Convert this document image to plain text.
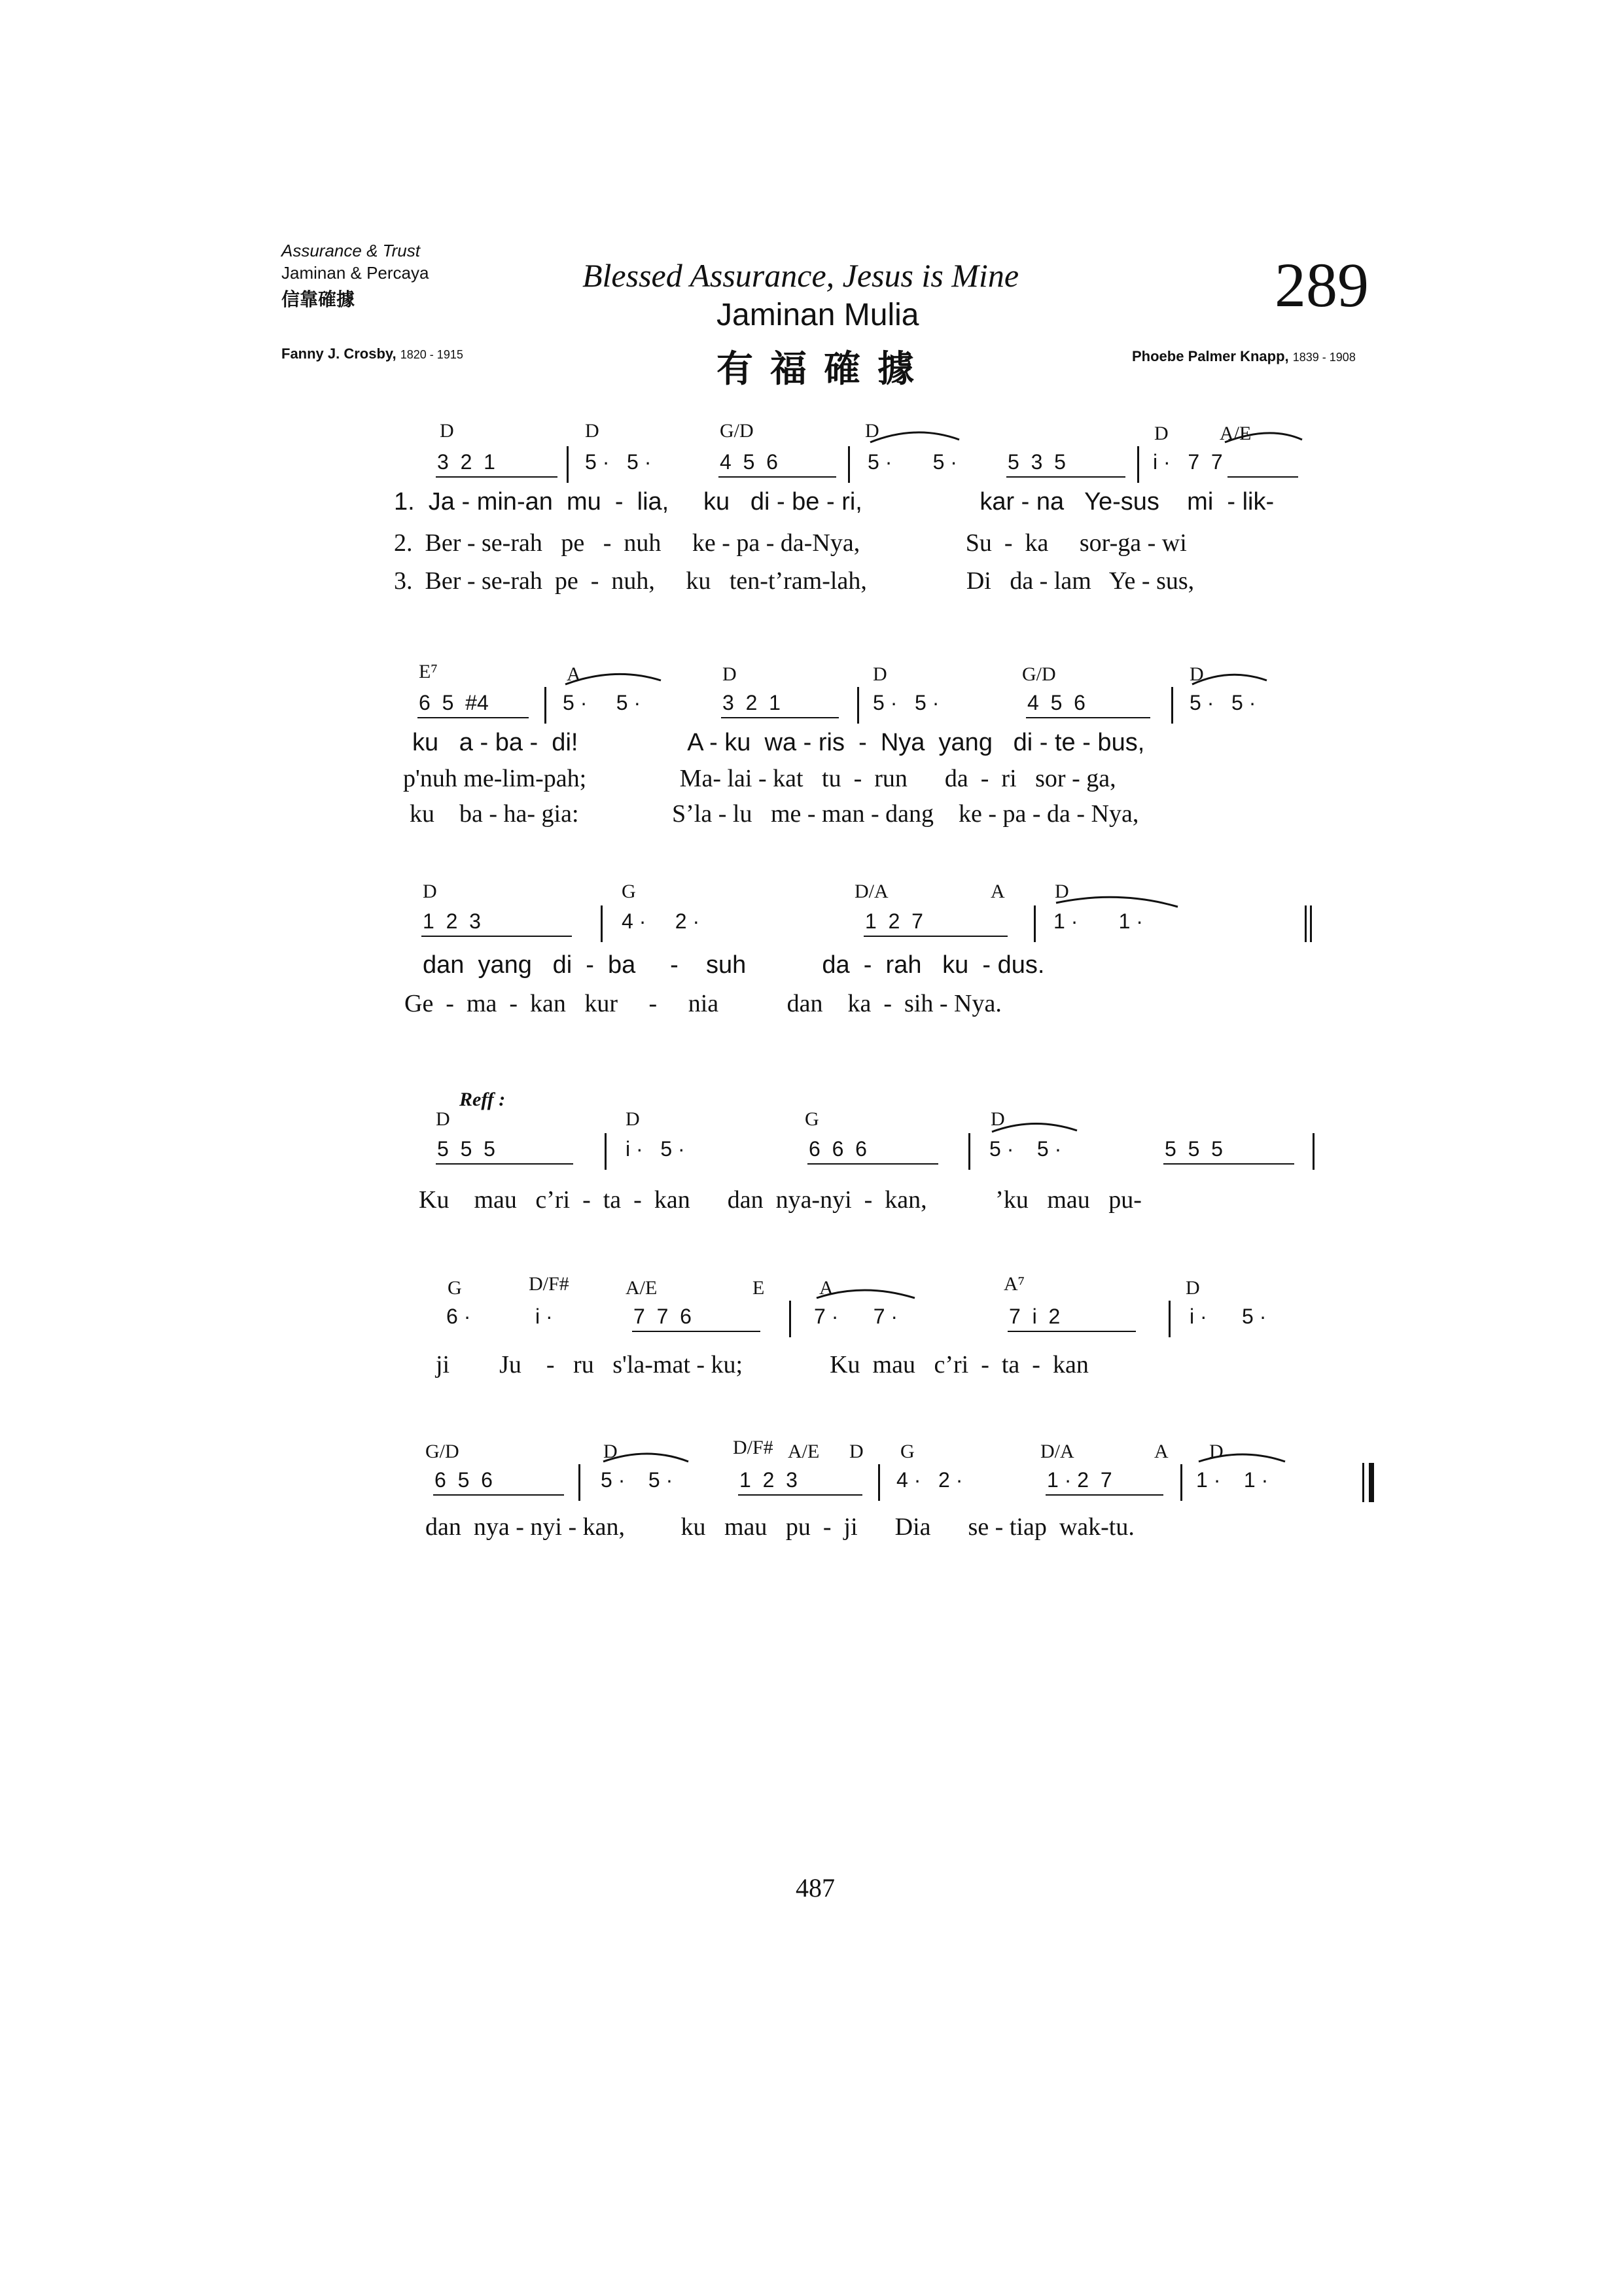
Assurance & Trust
Jaminan & Percaya
信靠確據
Blessed Assurance, Jesus is Mine
Jaminan Mulia
有福確據
289
Fanny J. Crosby, 1820 - 1915	Phoebe Palmer Knapp, 1839 - 1908
D	D	G/D	D	D	A/E
3  2  1	5 ·   5 ·	4  5  6	5 ·       5 · 5  3  5	i ·   7  7
1.  Ja - min-an  mu  -  lia,     ku   di - be - ri,                 kar - na   Ye-sus    mi  - lik-
2.  Ber - se-rah   pe   -  nuh     ke - pa - da-Nya,                 Su  -  ka     sor-ga - wi
3.  Ber - se-rah  pe  -  nuh,     ku   ten-t’ram-lah,                Di   da - lam   Ye - sus,
E⁷	A	D	D	G/D	D
6  5  #4	5 ·     5 ·	3  2  1	5 ·   5 ·	4  5  6	5 ·   5 ·
ku   a - ba -  di!                A - ku  wa - ris  -  Nya  yang   di - te - bus,
p'nuh me-lim-pah;               Ma- lai - kat   tu  -  run      da  -  ri   sor - ga,
ku    ba - ha- gia:               S’la - lu   me - man - dang    ke - pa - da - Nya,
D	G	D/A	A	D
1  2  3	4 ·     2 ·	1  2  7	1 ·       1 ·
dan  yang   di  -  ba     -    suh           da  -  rah   ku  - dus.
Ge  -  ma  -  kan   kur     -     nia           dan    ka  -  sih - Nya.
Reff :
D	D	G	D
5  5  5	i ·   5 ·	6  6  6	5 ·    5 ·	5  5  5
Ku    mau   c’ri  -  ta  -  kan      dan  nya-nyi  -  kan,           ’ku   mau   pu-
G	D/F#	A/E	E	A	A⁷	D
6 ·	i ·	7  7  6	7 ·      7 ·	7  i  2	i ·      5 ·
ji        Ju    -   ru   s'la-mat - ku;              Ku  mau   c’ri  -  ta  -  kan
G/D	D	D/F# A/E D G	D/A	A D
6  5  6	5 ·    5 ·	1  2  3	4 ·   2 ·	1 · 2  7	1 ·    1 ·
dan  nya - nyi - kan,         ku   mau   pu  -  ji      Dia      se - tiap  wak-tu.
487
